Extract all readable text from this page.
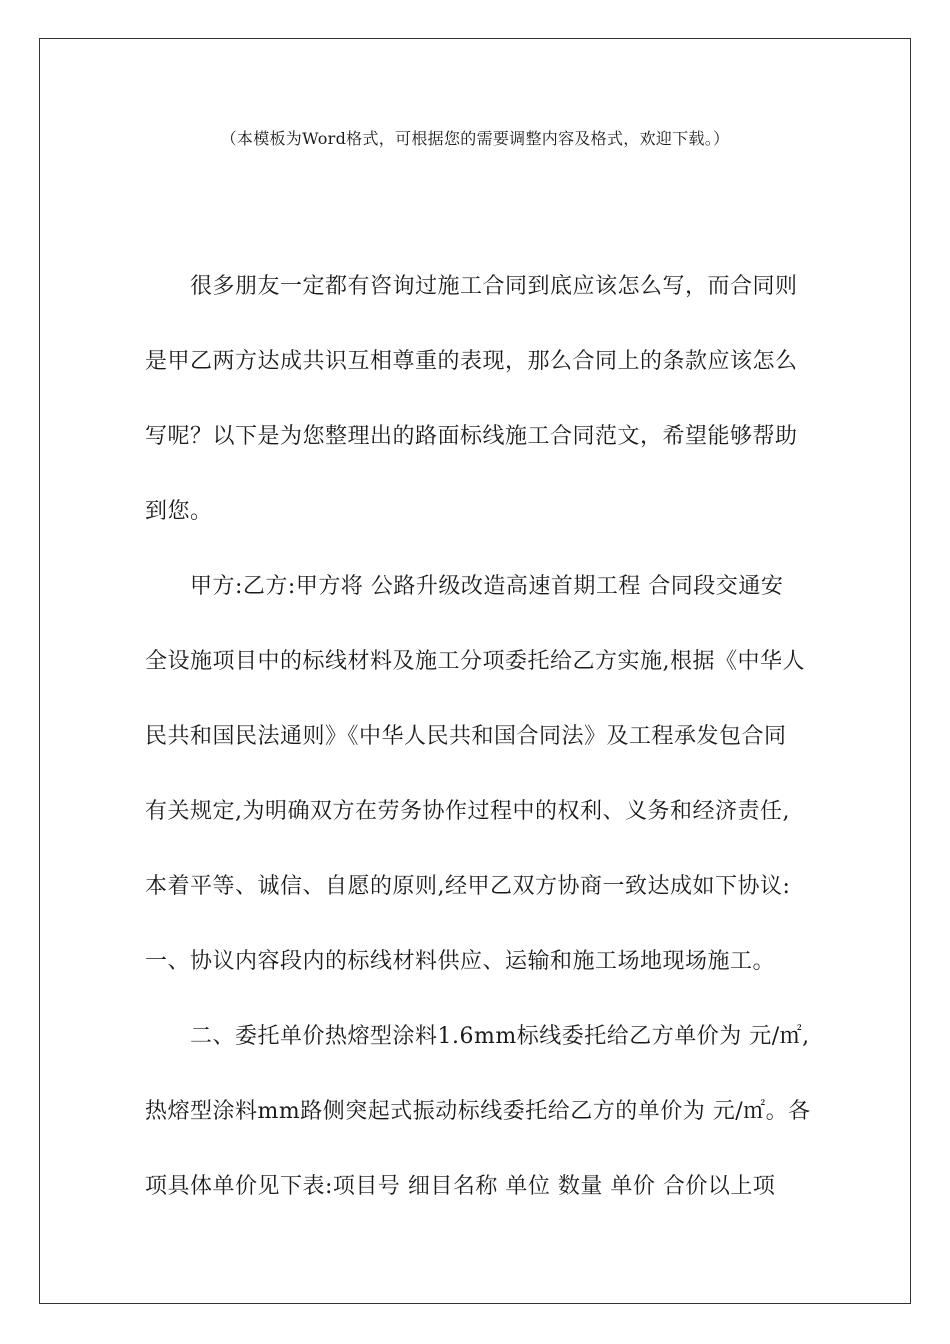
（本模板为Word格式，可根据您的需要调整内容及格式，欢迎下载。）
　　很多朋友一定都有咨询过施工合同到底应该怎么写，而合同则
是甲乙两方达成共识互相尊重的表现，那么合同上的条款应该怎么
写呢？以下是为您整理出的路面标线施工合同范文，希望能够帮助
到您。
　　甲方:乙方:甲方将 公路升级改造高速首期工程 合同段交通安
全设施项目中的标线材料及施工分项委托给乙方实施,根据《中华人
民共和国民法通则》《中华人民共和国合同法》及工程承发包合同
有关规定,为明确双方在劳务协作过程中的权利、义务和经济责任,
本着平等、诚信、自愿的原则,经甲乙双方协商一致达成如下协议:
一、协议内容段内的标线材料供应、运输和施工场地现场施工。
　　二、委托单价热熔型涂料1.6mm标线委托给乙方单价为 元/㎡,
热熔型涂料mm路侧突起式振动标线委托给乙方的单价为 元/㎡。各
项具体单价见下表:项目号 细目名称 单位 数量 单价 合价以上项
